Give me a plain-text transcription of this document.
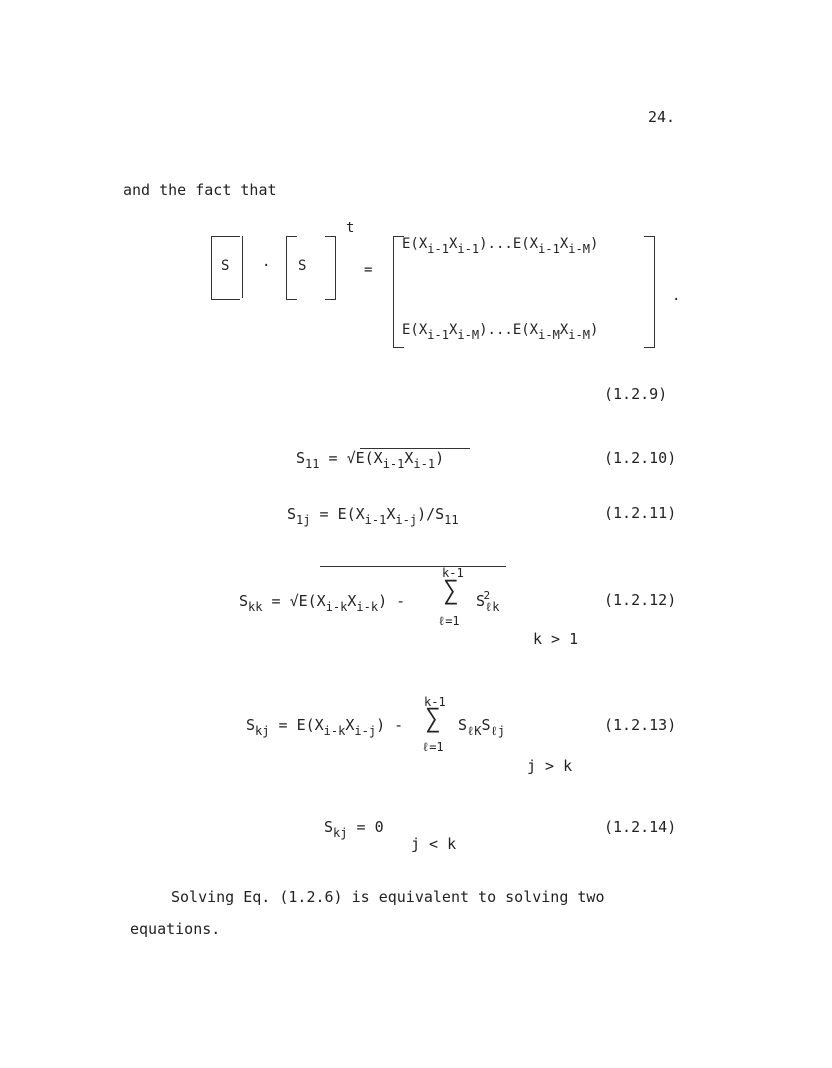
24.
and the fact that
S · S
t
=
E(Xi-1Xi-1)...E(Xi-1Xi-M)
E(Xi-1Xi-M)...E(Xi-MXi-M)
.
(1.2.9)
$S_{11} = √E(X_{i-1}X_{i-1})$	(1.2.10)
$S_{1j} = E(X_{i-1}X_{i-j})/S_{11}$	(1.2.11)
$S_{kk} = √E(X_{i-k}X_{i-k})$ -
k-1
∑
ℓ=1
$S_{\ell k}^2$	(1.2.12)
k > 1
$S_{kj} = E(X_{i-k}X_{i-j})$ -
k-1
∑
ℓ=1
$S_{\ell K}S_{\ell j}$	(1.2.13)
j > k
$S_{kj} = 0$
j < k
(1.2.14)
Solving Eq. (1.2.6) is equivalent to solving two
equations.
